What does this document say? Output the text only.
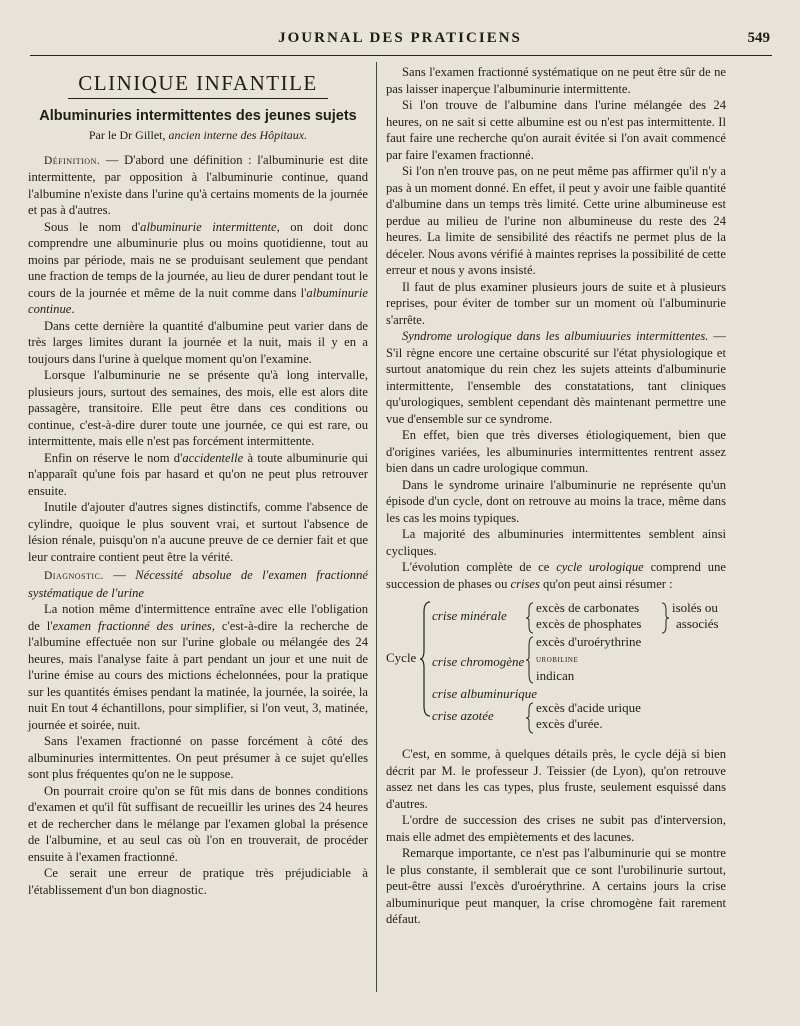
JOURNAL DES PRATICIENS	549
CLINIQUE INFANTILE
Albuminuries intermittentes des jeunes sujets
Par le Dr Gillet, ancien interne des Hôpitaux.

Définition. — D'abord une définition : l'albuminurie est dite intermittente, par opposition à l'albuminurie continue, quand l'albumine n'existe dans l'urine qu'à certains moments de la journée et pas à d'autres.

Sous le nom d'albuminurie intermittente, on doit donc comprendre une albuminurie plus ou moins quotidienne, tout au moins par période, mais ne se produisant seulement que pendant une fraction de temps de la journée, au lieu de durer pendant tout le cours de la journée et même de la nuit comme dans l'albuminurie continue.

Dans cette dernière la quantité d'albumine peut varier dans de très larges limites durant la journée et la nuit, mais il y en a toujours dans l'urine à quelque moment qu'on l'examine.

Lorsque l'albuminurie ne se présente qu'à long intervalle, plusieurs jours, surtout des semaines, des mois, elle est alors dite passagère, transitoire. Elle peut être dans ces conditions ou continue, c'est-à-dire durer toute une journée, ce qui est rare, ou intermittente, mais elle n'est pas forcément intermittente.

Enfin on réserve le nom d'accidentelle à toute albuminurie qui n'apparaît qu'une fois par hasard et qu'on ne peut plus retrouver ensuite.

Inutile d'ajouter d'autres signes distinctifs, comme l'absence de cylindre, quoique le plus souvent vrai, et surtout l'absence de lésion rénale, puisqu'on n'a aucune preuve de ce dernier fait et que leur contraire contient peut être la vérité.

Diagnostic. — Nécessité absolue de l'examen fractionné systématique de l'urine

La notion même d'intermittence entraîne avec elle l'obligation de l'examen fractionné des urines, c'est-à-dire la recherche de l'albumine effectuée non sur l'urine globale ou mélangée des 24 heures, mais l'analyse faite à part pendant un jour et une nuit de l'urine émise au cours des mictions échelonnées, pour la pratique sur les quantités émises pendant la matinée, la journée, la soirée, la nuit En tout 4 échantillons, pour simplifier, si l'on veut, 3, matinée, journée et soirée, nuit.

Sans l'examen fractionné on passe forcément à côté des albuminuries intermittentes. On peut présumer à ce sujet qu'elles sont plus fréquentes qu'on ne le suppose.

On pourrait croire qu'on se fût mis dans de bonnes conditions d'examen et qu'il fût suffisant de recueillir les urines des 24 heures et de rechercher dans le mélange par l'examen global la présence de l'albumine, et au seul cas où l'on en trouverait, de procéder ensuite à l'examen fractionné.

Ce serait une erreur de pratique très préjudiciable à l'établissement d'un bon diagnostic.

Sans l'examen fractionné systématique on ne peut être sûr de ne pas laisser inaperçue l'albuminurie intermittente.

Si l'on trouve de l'albumine dans l'urine mélangée des 24 heures, on ne sait si cette albumine est ou n'est pas intermittente. Il faut faire une recherche qu'on aurait évitée si l'on avait commencé par faire l'examen fractionné.

Si l'on n'en trouve pas, on ne peut même pas affirmer qu'il n'y a pas à un moment donné. En effet, il peut y avoir une faible quantité d'albumine dans un temps très limité. Cette urine albumineuse est perdue au milieu de l'urine non albumineuse du reste des 24 heures. La limite de sensibilité des réactifs ne permet plus de la déceler. Nous avons vérifié à maintes reprises la possibilité de cette erreur et nous y avons insisté.

Il faut de plus examiner plusieurs jours de suite et à plusieurs reprises, pour éviter de tomber sur un moment où l'albuminurie s'arrête.

Syndrome urologique dans les albumiuuries intermittentes. — S'il règne encore une certaine obscurité sur l'état physiologique et surtout anatomique du rein chez les sujets atteints d'albuminurie intermittente, l'ensemble des constatations, tant cliniques qu'urologiques, semblent cependant dès maintenant permettre une vue d'ensemble sur ce syndrome.

En effet, bien que très diverses étiologiquement, bien que d'origines variées, les albuminuries intermittentes rentrent assez bien dans un cadre urologique commun.

Dans le syndrome urinaire l'albuminurie ne représente qu'un épisode d'un cycle, dont on retrouve au moins la trace, même dans les cas les moins typiques.

La majorité des albuminuries intermittentes semblent ainsi cycliques.

L'évolution complète de ce cycle urologique comprend une succession de phases ou crises qu'on peut ainsi résumer :

Cycle
crise minérale
excès de carbonates
excès de phosphates
isolés ou
associés
crise chromogène
excès d'uroérythrine
urobiline
indican
crise albuminurique
crise azotée
excès d'acide urique
excès d'urée.

C'est, en somme, à quelques détails près, le cycle déjà si bien décrit par M. le professeur J. Teissier (de Lyon), qu'on retrouve assez net dans les cas types, plus fruste, seulement esquissé dans d'autres.

L'ordre de succession des crises ne subit pas d'interversion, mais elle admet des empiètements et des lacunes.

Remarque importante, ce n'est pas l'albuminurie qui se montre le plus constante, il semblerait que ce sont l'urobilinurie surtout, peut-être aussi l'excès d'uroérythrine. A certains jours la crise albuminurique peut manquer, la crise chromogène fait rarement défaut.
